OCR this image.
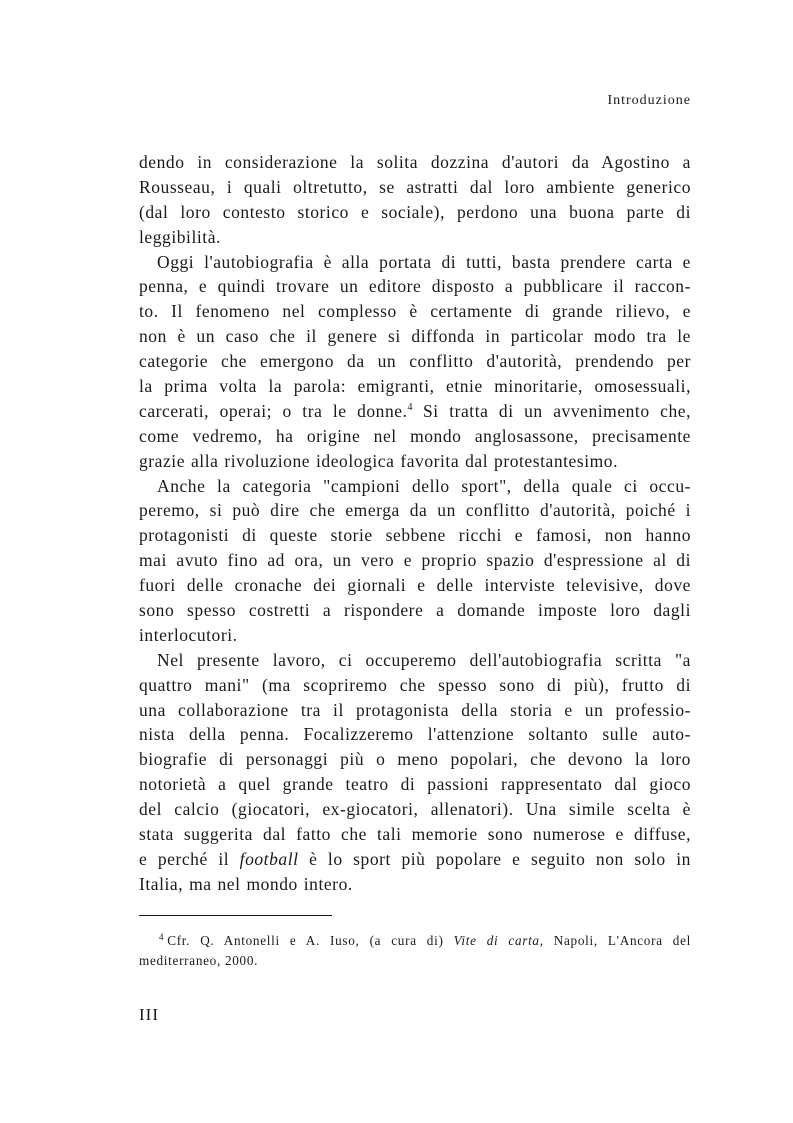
Introduzione
dendo in considerazione la solita dozzina d'autori da Agostino a
Rousseau, i quali oltretutto, se astratti dal loro ambiente generico
(dal loro contesto storico e sociale), perdono una buona parte di
leggibilità.
Oggi l'autobiografia è alla portata di tutti, basta prendere carta e
penna, e quindi trovare un editore disposto a pubblicare il raccon-
to. Il fenomeno nel complesso è certamente di grande rilievo, e
non è un caso che il genere si diffonda in particolar modo tra le
categorie che emergono da un conflitto d'autorità, prendendo per
la prima volta la parola: emigranti, etnie minoritarie, omosessuali,
carcerati, operai; o tra le donne.$^4$ Si tratta di un avvenimento che,
come vedremo, ha origine nel mondo anglosassone, precisamente
grazie alla rivoluzione ideologica favorita dal protestantesimo.
Anche la categoria "campioni dello sport", della quale ci occu-
peremo, si può dire che emerga da un conflitto d'autorità, poiché i
protagonisti di queste storie sebbene ricchi e famosi, non hanno
mai avuto fino ad ora, un vero e proprio spazio d'espressione al di
fuori delle cronache dei giornali e delle interviste televisive, dove
sono spesso costretti a rispondere a domande imposte loro dagli
interlocutori.
Nel presente lavoro, ci occuperemo dell'autobiografia scritta "a
quattro mani" (ma scopriremo che spesso sono di più), frutto di
una collaborazione tra il protagonista della storia e un professio-
nista della penna. Focalizzeremo l'attenzione soltanto sulle auto-
biografie di personaggi più o meno popolari, che devono la loro
notorietà a quel grande teatro di passioni rappresentato dal gioco
del calcio (giocatori, ex-giocatori, allenatori). Una simile scelta è
stata suggerita dal fatto che tali memorie sono numerose e diffuse,
e perché il football è lo sport più popolare e seguito non solo in
Italia, ma nel mondo intero.
$^4$ Cfr. Q. Antonelli e A. Iuso, (a cura di) Vite di carta, Napoli, L'Ancora del
mediterraneo, 2000.
III
